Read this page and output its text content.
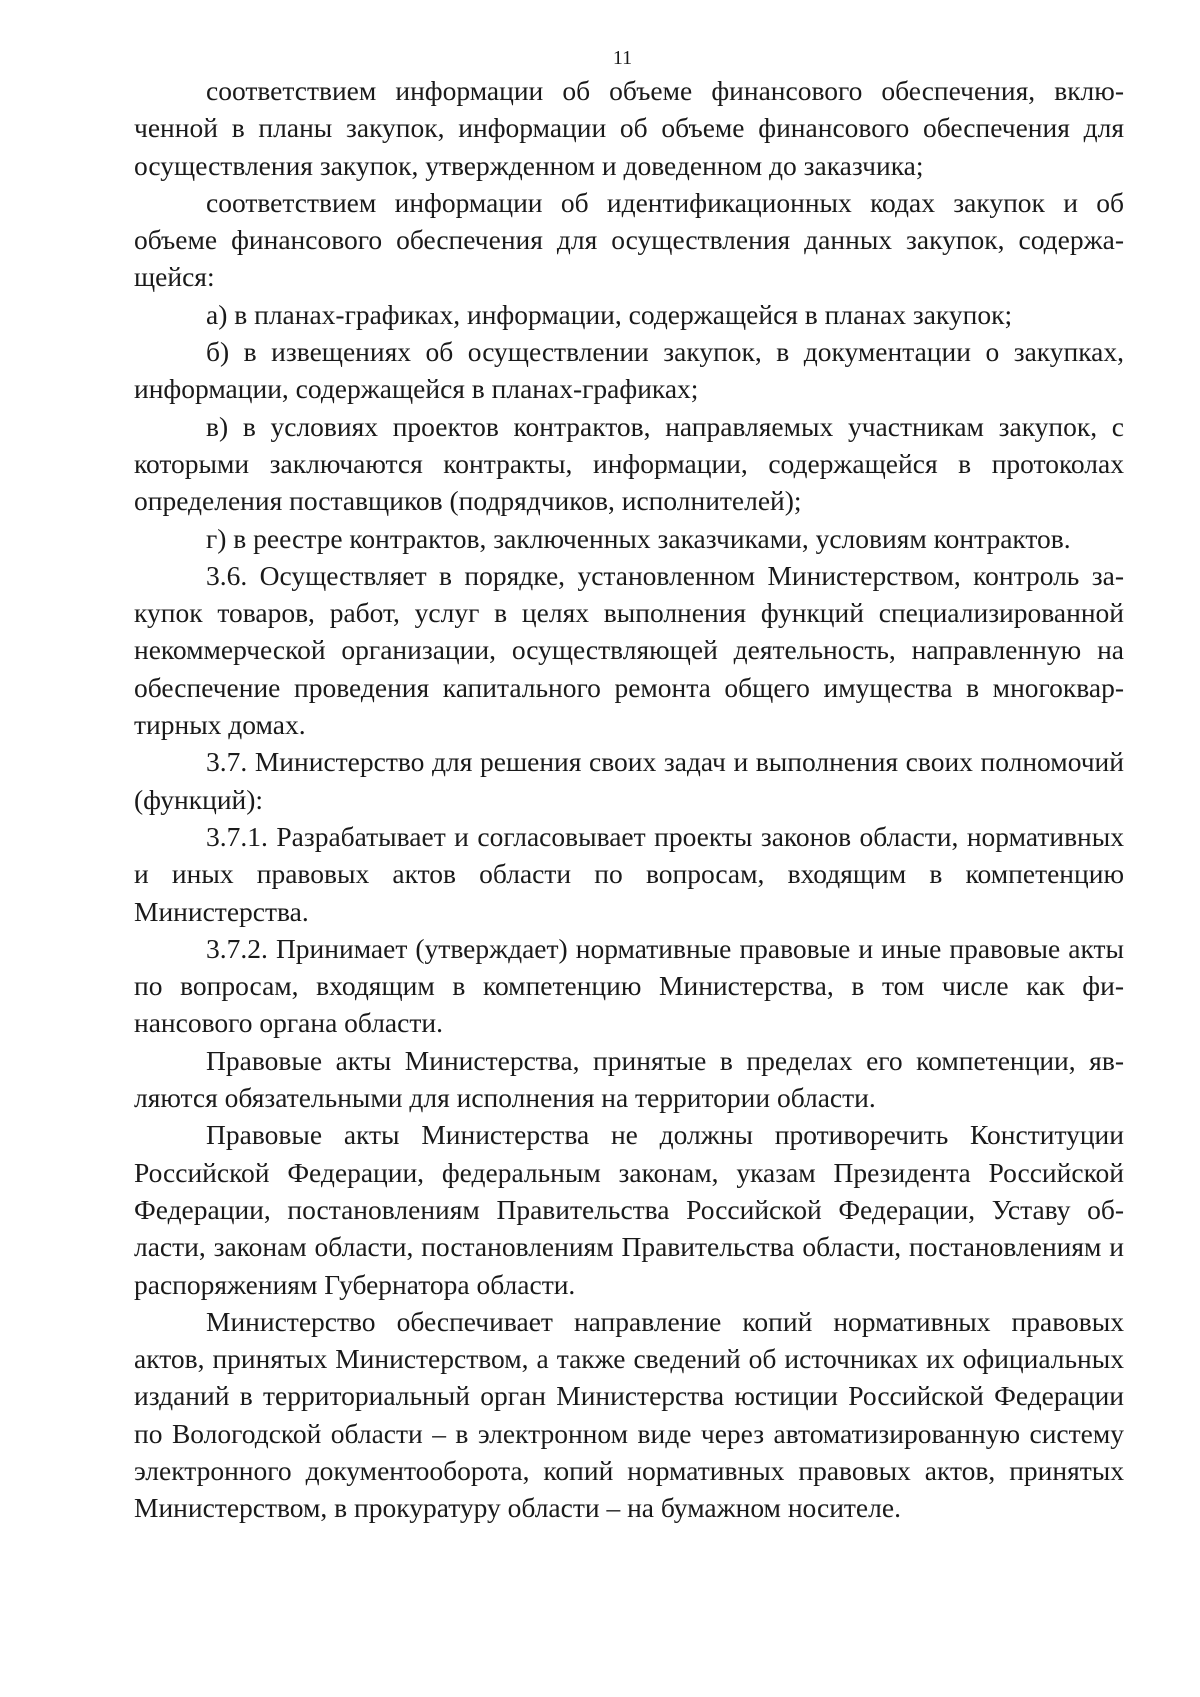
11

соответствием информации об объеме финансового обеспечения, включенной в планы закупок, информации об объеме финансового обеспечения для осуществления закупок, утвержденном и доведенном до заказчика;

соответствием информации об идентификационных кодах закупок и об объеме финансового обеспечения для осуществления данных закупок, содержащейся:

а) в планах-графиках, информации, содержащейся в планах закупок;

б) в извещениях об осуществлении закупок, в документации о закупках, информации, содержащейся в планах-графиках;

в) в условиях проектов контрактов, направляемых участникам закупок, с которыми заключаются контракты, информации, содержащейся в протоколах определения поставщиков (подрядчиков, исполнителей);

г) в реестре контрактов, заключенных заказчиками, условиям контрактов.

3.6. Осуществляет в порядке, установленном Министерством, контроль закупок товаров, работ, услуг в целях выполнения функций специализированной некоммерческой организации, осуществляющей деятельность, направленную на обеспечение проведения капитального ремонта общего имущества в многоквартирных домах.

3.7. Министерство для решения своих задач и выполнения своих полномочий (функций):

3.7.1. Разрабатывает и согласовывает проекты законов области, нормативных и иных правовых актов области по вопросам, входящим в компетенцию Министерства.

3.7.2. Принимает (утверждает) нормативные правовые и иные правовые акты по вопросам, входящим в компетенцию Министерства, в том числе как финансового органа области.

Правовые акты Министерства, принятые в пределах его компетенции, являются обязательными для исполнения на территории области.

Правовые акты Министерства не должны противоречить Конституции Российской Федерации, федеральным законам, указам Президента Российской Федерации, постановлениям Правительства Российской Федерации, Уставу области, законам области, постановлениям Правительства области, постановлениям и распоряжениям Губернатора области.

Министерство обеспечивает направление копий нормативных правовых актов, принятых Министерством, а также сведений об источниках их официальных изданий в территориальный орган Министерства юстиции Российской Федерации по Вологодской области – в электронном виде через автоматизированную систему электронного документооборота, копий нормативных правовых актов, принятых Министерством, в прокуратуру области – на бумажном носителе.
